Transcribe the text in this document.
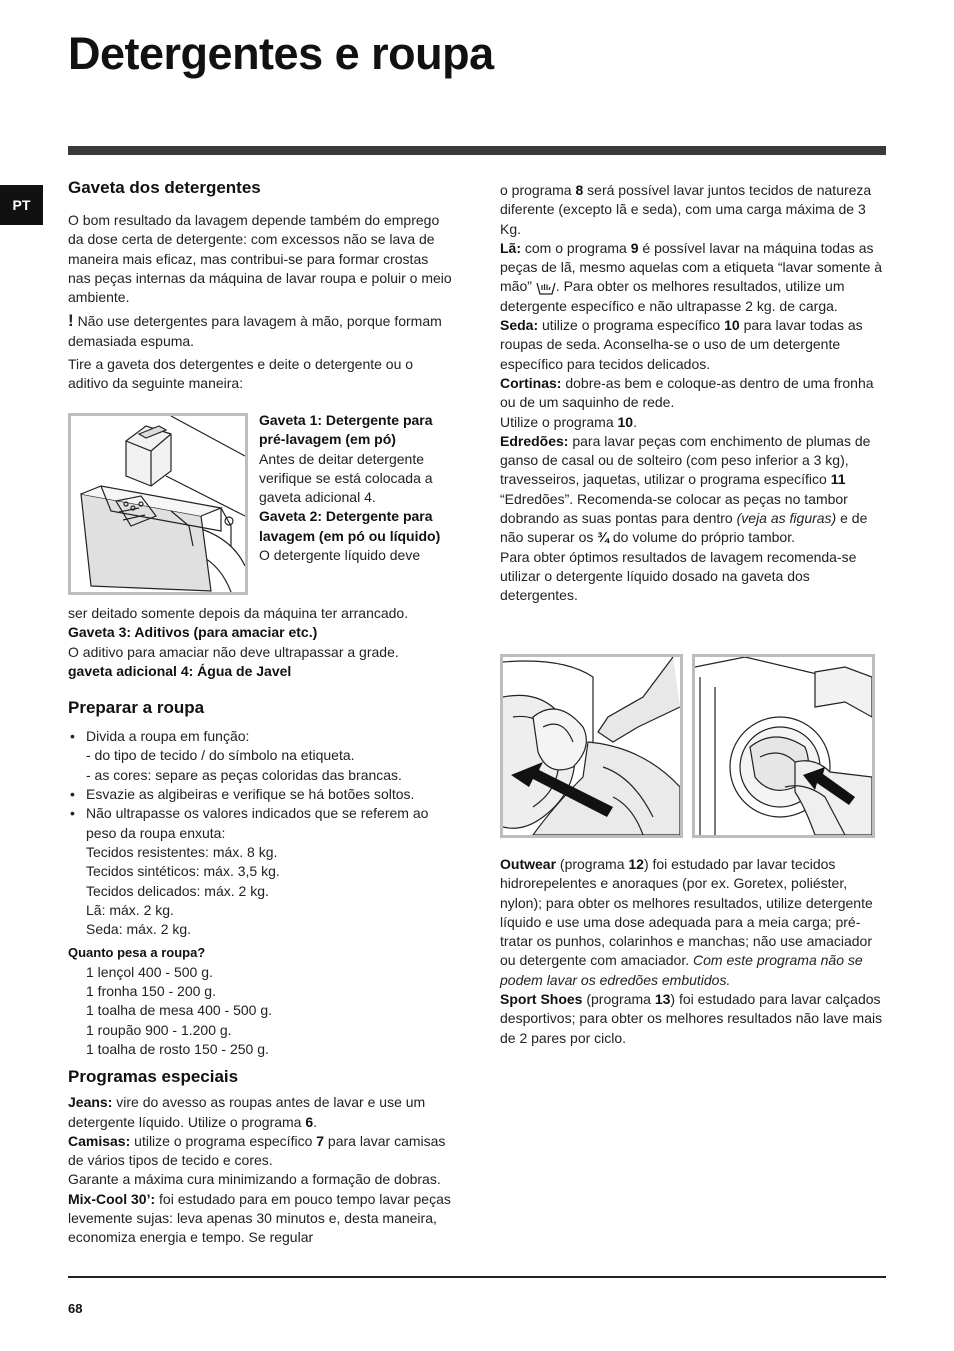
Detergentes e roupa
PT
Gaveta dos detergentes

O bom resultado da lavagem depende também do emprego da dose certa de detergente: com excessos não se lava de maneira mais eficaz, mas contribui-se para formar crostas nas peças internas da máquina de lavar roupa e poluir o meio ambiente.

! Não use detergentes para lavagem à mão, porque formam demasiada espuma.

Tire a gaveta dos detergentes e deite o detergente ou o aditivo da seguinte maneira:

Gaveta 1: Detergente para pré-lavagem (em pó)

Antes de deitar detergente verifique se está colocada a gaveta adicional 4.

Gaveta 2: Detergente para lavagem (em pó ou líquido)

O detergente líquido deve

ser deitado somente depois da máquina ter arrancado.

Gaveta 3: Aditivos (para amaciar etc.)

O aditivo para amaciar não deve ultrapassar a grade.

gaveta adicional 4: Água de Javel

Preparar a roupa
• Divida a roupa em função:
- do tipo de tecido / do símbolo na etiqueta.
- as cores: separe as peças coloridas das brancas.
• Esvazie as algibeiras e verifique se há botões soltos.
• Não ultrapasse os valores indicados que se referem ao peso da roupa enxuta:
Tecidos resistentes: máx. 8 kg.
Tecidos sintéticos: máx. 3,5 kg.
Tecidos delicados: máx. 2 kg.
Lã: máx. 2 kg.
Seda: máx. 2 kg.
Quanto pesa a roupa?
1 lençol 400 - 500 g.
1 fronha 150 - 200 g.
1 toalha de mesa 400 - 500 g.
1 roupão 900 - 1.200 g.
1 toalha de rosto 150 - 250 g.
Programas especiais

Jeans: vire do avesso as roupas antes de lavar e use um detergente líquido. Utilize o programa 6.

Camisas: utilize o programa específico 7 para lavar camisas de vários tipos de tecido e cores.

Garante a máxima cura minimizando a formação de dobras.

Mix-Cool 30’: foi estudado para em pouco tempo lavar peças levemente sujas: leva apenas 30 minutos e, desta maneira, economiza energia e tempo. Se regular

o programa 8 será possível lavar juntos tecidos de natureza diferente (excepto lã e seda), com uma carga máxima de 3 Kg.

Lã: com o programa 9 é possível lavar na máquina todas as peças de lã, mesmo aquelas com a etiqueta “lavar somente à mão” . Para obter os melhores resultados, utilize um detergente específico e não ultrapasse 2 kg. de carga.

Seda: utilize o programa específico 10 para lavar todas as roupas de seda. Aconselha-se o uso de um detergente específico para tecidos delicados.

Cortinas: dobre-as bem e coloque-as dentro de uma fronha ou de um saquinho de rede.

Utilize o programa 10.

Edredões: para lavar peças com enchimento de plumas de ganso de casal ou de solteiro (com peso inferior a 3 kg), travesseiros, jaquetas, utilizar o programa específico 11 “Edredões”. Recomenda-se colocar as peças no tambor dobrando as suas pontas para dentro (veja as figuras) e de não superar os ¾ do volume do próprio tambor.

Para obter óptimos resultados de lavagem recomenda-se utilizar o detergente líquido dosado na gaveta dos detergentes.

Outwear (programa 12) foi estudado par lavar tecidos hidrorepelentes e anoraques (por ex. Goretex, poliéster, nylon); para obter os melhores resultados, utilize detergente líquido e use uma dose adequada para a meia carga; pré-tratar os punhos, colarinhos e manchas; não use amaciador ou detergente com amaciador. Com este programa não se podem lavar os edredões embutidos.

Sport Shoes (programa 13) foi estudado para lavar calçados desportivos; para obter os melhores resultados não lave mais de 2 pares por ciclo.

68
